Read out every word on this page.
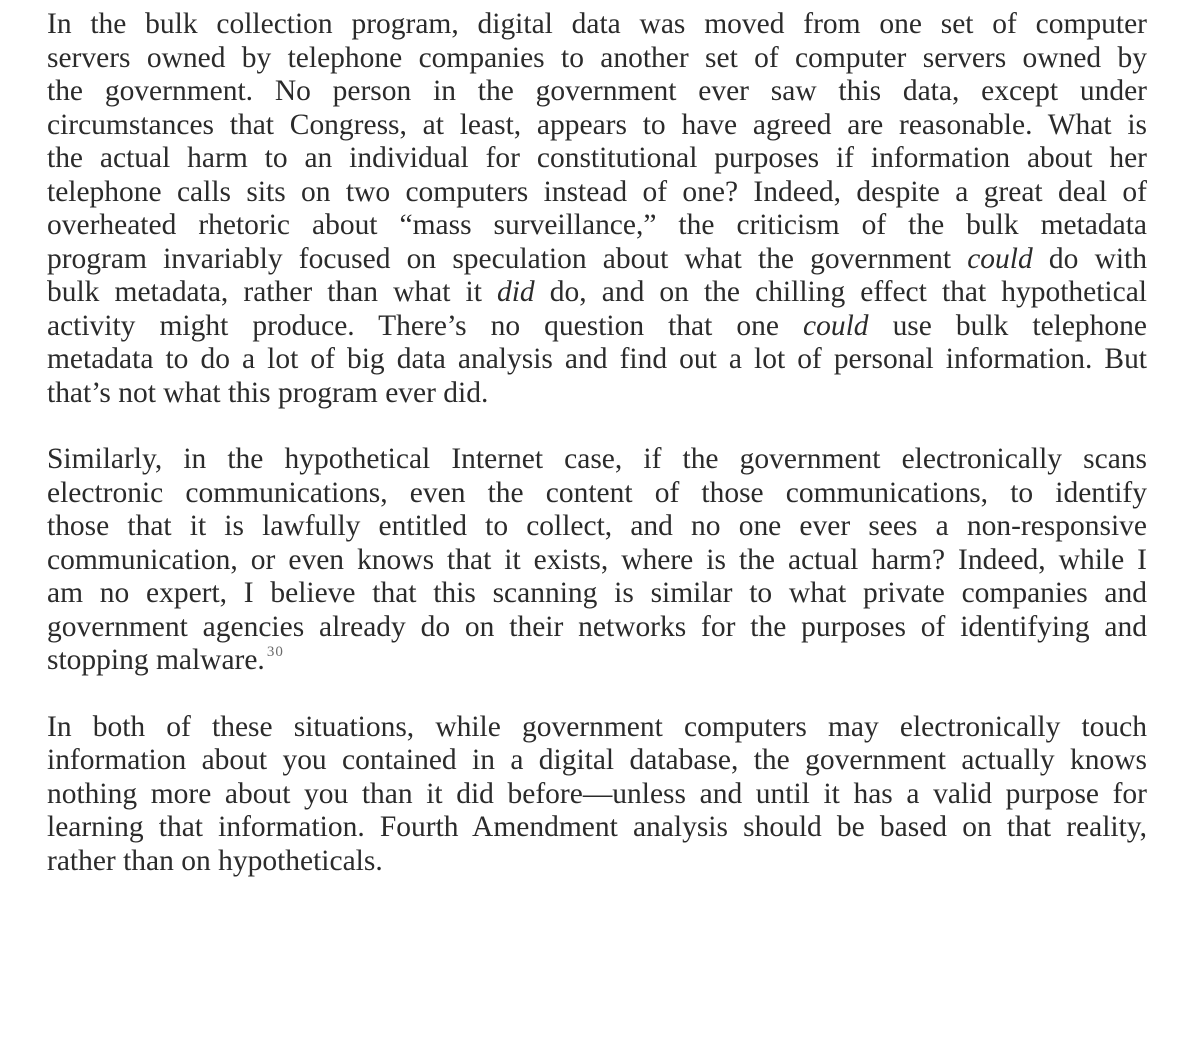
In the bulk collection program, digital data was moved from one set of computer
servers owned by telephone companies to another set of computer servers owned by
the government. No person in the government ever saw this data, except under
circumstances that Congress, at least, appears to have agreed are reasonable. What is
the actual harm to an individual for constitutional purposes if information about her
telephone calls sits on two computers instead of one? Indeed, despite a great deal of
overheated rhetoric about “mass surveillance,” the criticism of the bulk metadata
program invariably focused on speculation about what the government could do with
bulk metadata, rather than what it did do, and on the chilling effect that hypothetical
activity might produce. There’s no question that one could use bulk telephone
metadata to do a lot of big data analysis and find out a lot of personal information. But
that’s not what this program ever did.

Similarly, in the hypothetical Internet case, if the government electronically scans
electronic communications, even the content of those communications, to identify
those that it is lawfully entitled to collect, and no one ever sees a non-responsive
communication, or even knows that it exists, where is the actual harm? Indeed, while I
am no expert, I believe that this scanning is similar to what private companies and
government agencies already do on their networks for the purposes of identifying and
stopping malware. $^{30}$

In both of these situations, while government computers may electronically touch
information about you contained in a digital database, the government actually knows
nothing more about you than it did before—unless and until it has a valid purpose for
learning that information. Fourth Amendment analysis should be based on that reality,
rather than on hypotheticals.
